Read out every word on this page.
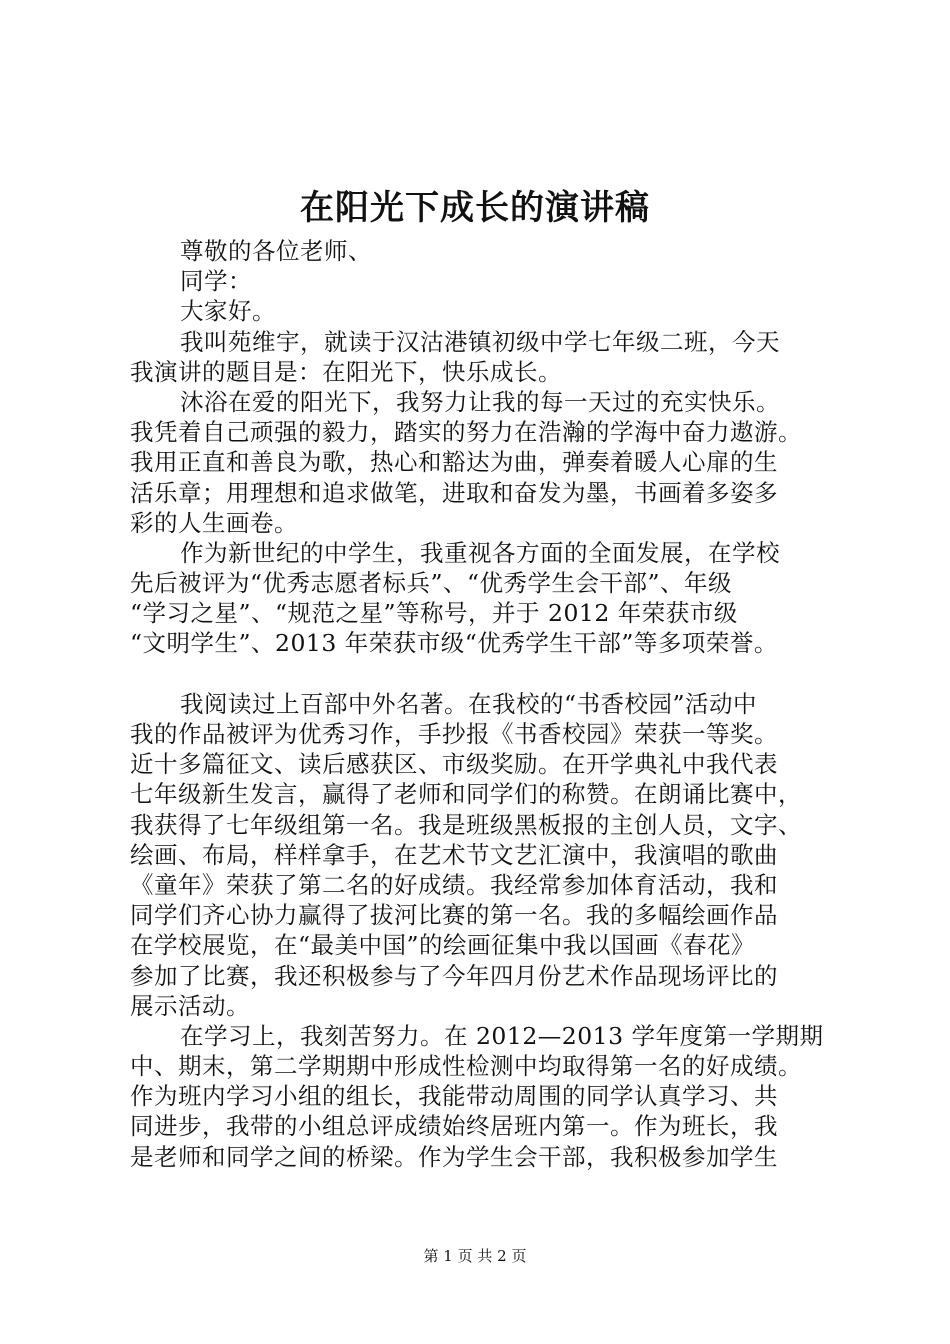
在阳光下成长的演讲稿
尊敬的各位老师、
同学：
大家好。
我叫苑维宇，就读于汉沽港镇初级中学七年级二班，今天
我演讲的题目是：在阳光下，快乐成长。
沐浴在爱的阳光下，我努力让我的每一天过的充实快乐。
我凭着自己顽强的毅力，踏实的努力在浩瀚的学海中奋力遨游。
我用正直和善良为歌，热心和豁达为曲，弹奏着暖人心扉的生
活乐章；用理想和追求做笔，进取和奋发为墨，书画着多姿多
彩的人生画卷。
作为新世纪的中学生，我重视各方面的全面发展，在学校
先后被评为“优秀志愿者标兵”、“优秀学生会干部”、年级
“学习之星”、“规范之星”等称号，并于 2012 年荣获市级
“文明学生”、2013 年荣获市级“优秀学生干部”等多项荣誉。
我阅读过上百部中外名著。在我校的“书香校园”活动中
我的作品被评为优秀习作，手抄报《书香校园》荣获一等奖。
近十多篇征文、读后感获区、市级奖励。在开学典礼中我代表
七年级新生发言，赢得了老师和同学们的称赞。在朗诵比赛中，
我获得了七年级组第一名。我是班级黑板报的主创人员，文字、
绘画、布局，样样拿手，在艺术节文艺汇演中，我演唱的歌曲
《童年》荣获了第二名的好成绩。我经常参加体育活动，我和
同学们齐心协力赢得了拔河比赛的第一名。我的多幅绘画作品
在学校展览，在“最美中国”的绘画征集中我以国画《春花》
参加了比赛，我还积极参与了今年四月份艺术作品现场评比的
展示活动。
在学习上，我刻苦努力。在 2012—2013 学年度第一学期期
中、期末，第二学期期中形成性检测中均取得第一名的好成绩。
作为班内学习小组的组长，我能带动周围的同学认真学习、共
同进步，我带的小组总评成绩始终居班内第一。作为班长，我
是老师和同学之间的桥梁。作为学生会干部，我积极参加学生
第 1 页 共 2 页
